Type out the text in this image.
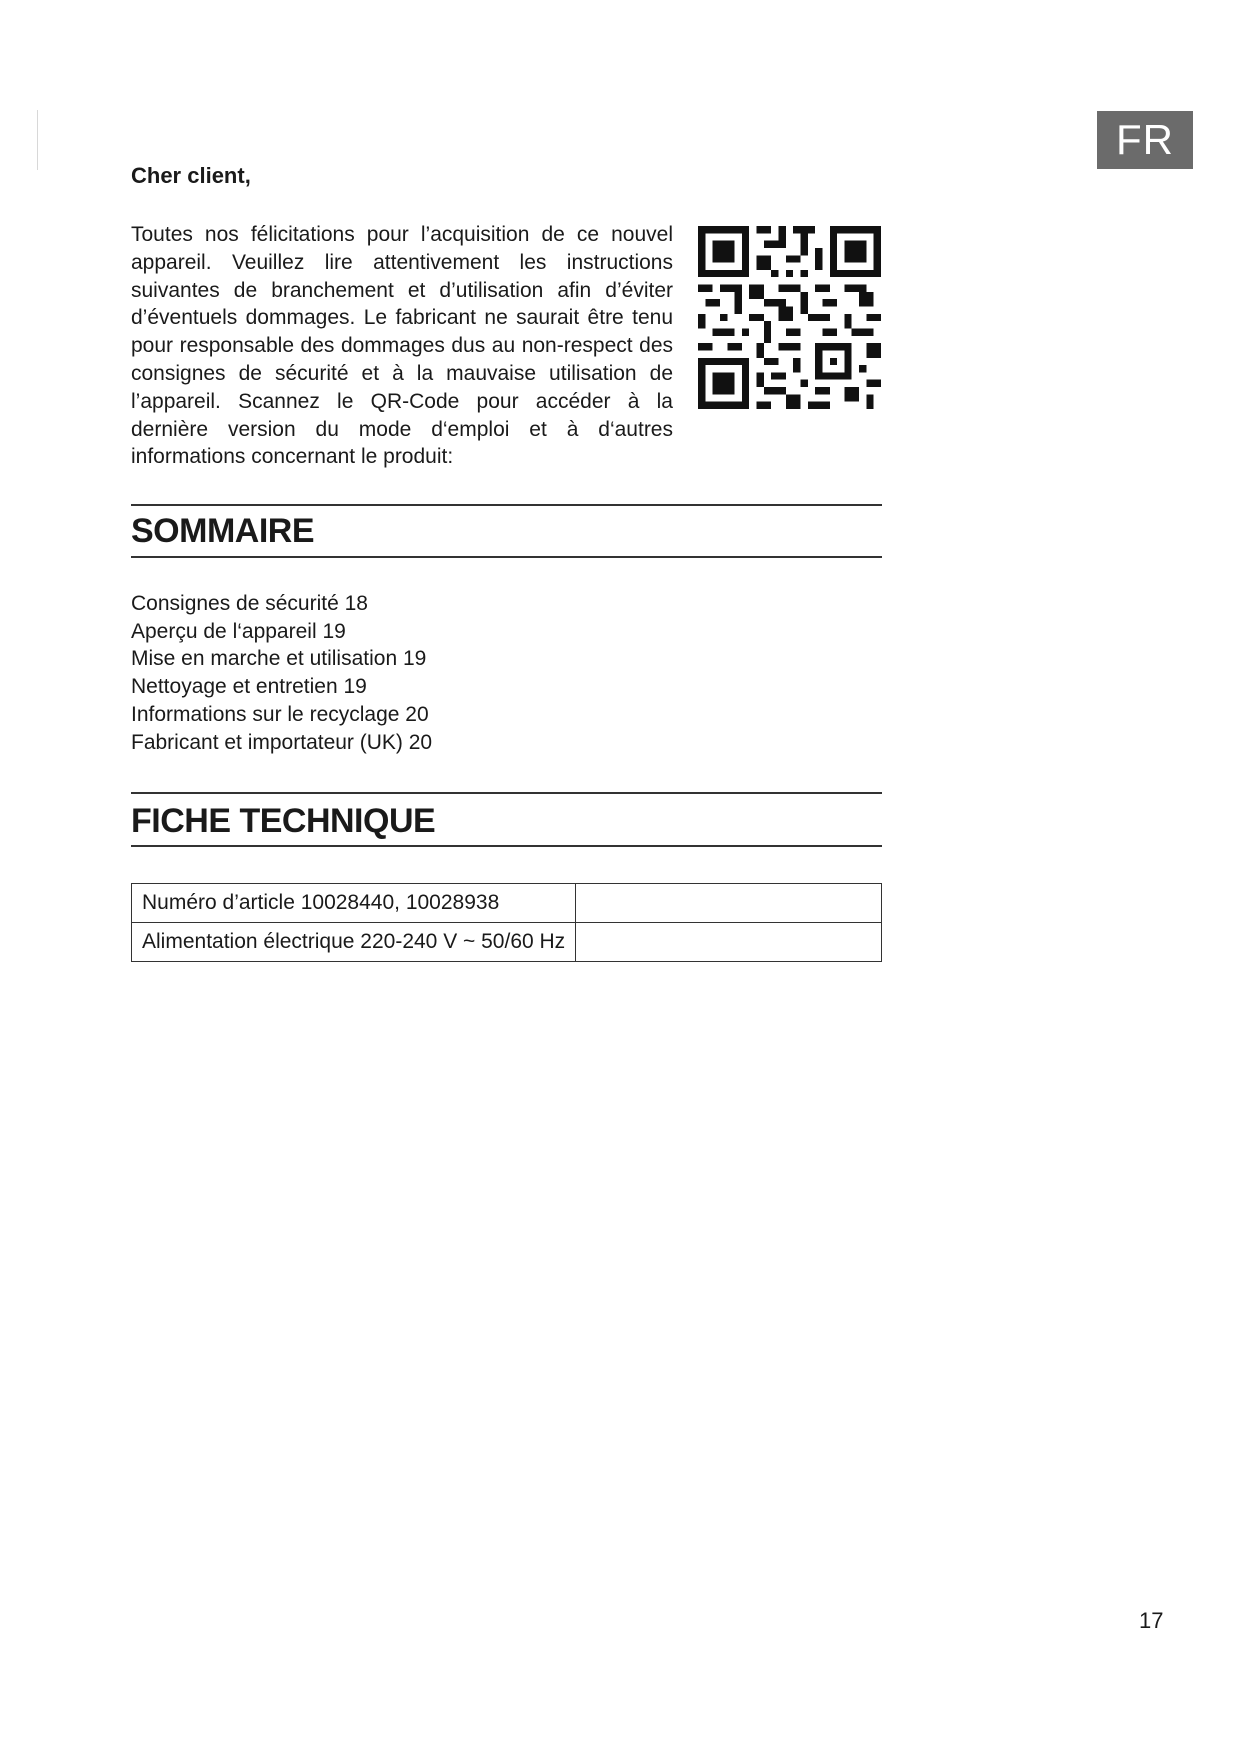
FR
Cher client,
Toutes nos félicitations pour l’acquisition de ce nouvel appareil. Veuillez lire attentivement les instructions suivantes de branchement et d’utilisation afin d’éviter d’éventuels dommages. Le fabricant ne saurait être tenu pour responsable des dommages dus au non-respect des consignes de sécurité et à la mauvaise utilisation de l’appareil. Scannez le QR-Code pour accéder à la dernière version du mode d‘emploi et à d‘autres informations concernant le produit:
SOMMAIRE
Consignes de sécurité 18
Aperçu de l‘appareil 19
Mise en marche et utilisation 19
Nettoyage et entretien 19
Informations sur le recyclage 20
Fabricant et importateur (UK) 20
FICHE TECHNIQUE
Numéro d’article 10028440, 10028938	
Alimentation électrique 220-240 V ~ 50/60 Hz	
17
